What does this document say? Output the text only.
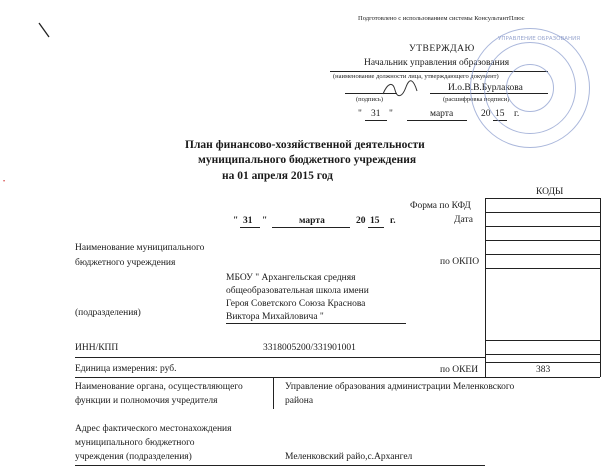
Подготовлено с использованием системы КонсультантПлюс
УТВЕРЖДАЮ
Начальник управления образования
(наименование должности лица, утверждающего документ)
И.о.В.В.Бурлакова
(подпись)	(расшифровка подписи)
" 31 "	марта	20 15 г.
УПРАВЛЕНИЕ ОБРАЗОВАНИЯ
План финансово-хозяйственной деятельности
муниципального бюджетного учреждения
на 01 апреля 2015 год
КОДЫ
Форма по КФД
Дата
по ОКПО
по ОКЕИ	383
" 31 "	марта	20 15 г.
•
Наименование муниципального
бюджетного учреждения
(подразделения)
МБОУ " Архангельская средняя
общеобразовательная школа имени
Героя Советского Союза Краснова
Виктора Михайловича "
ИНН/КПП	3318005200/331901001
Единица измерения: руб.
Наименование органа, осуществляющего
функции и полномочия учредителя
Управление образования администрации Меленковского
района
Адрес фактического местонахождения
муниципального бюджетного
учреждения (подразделения)	Меленковский райо,с.Архангел
